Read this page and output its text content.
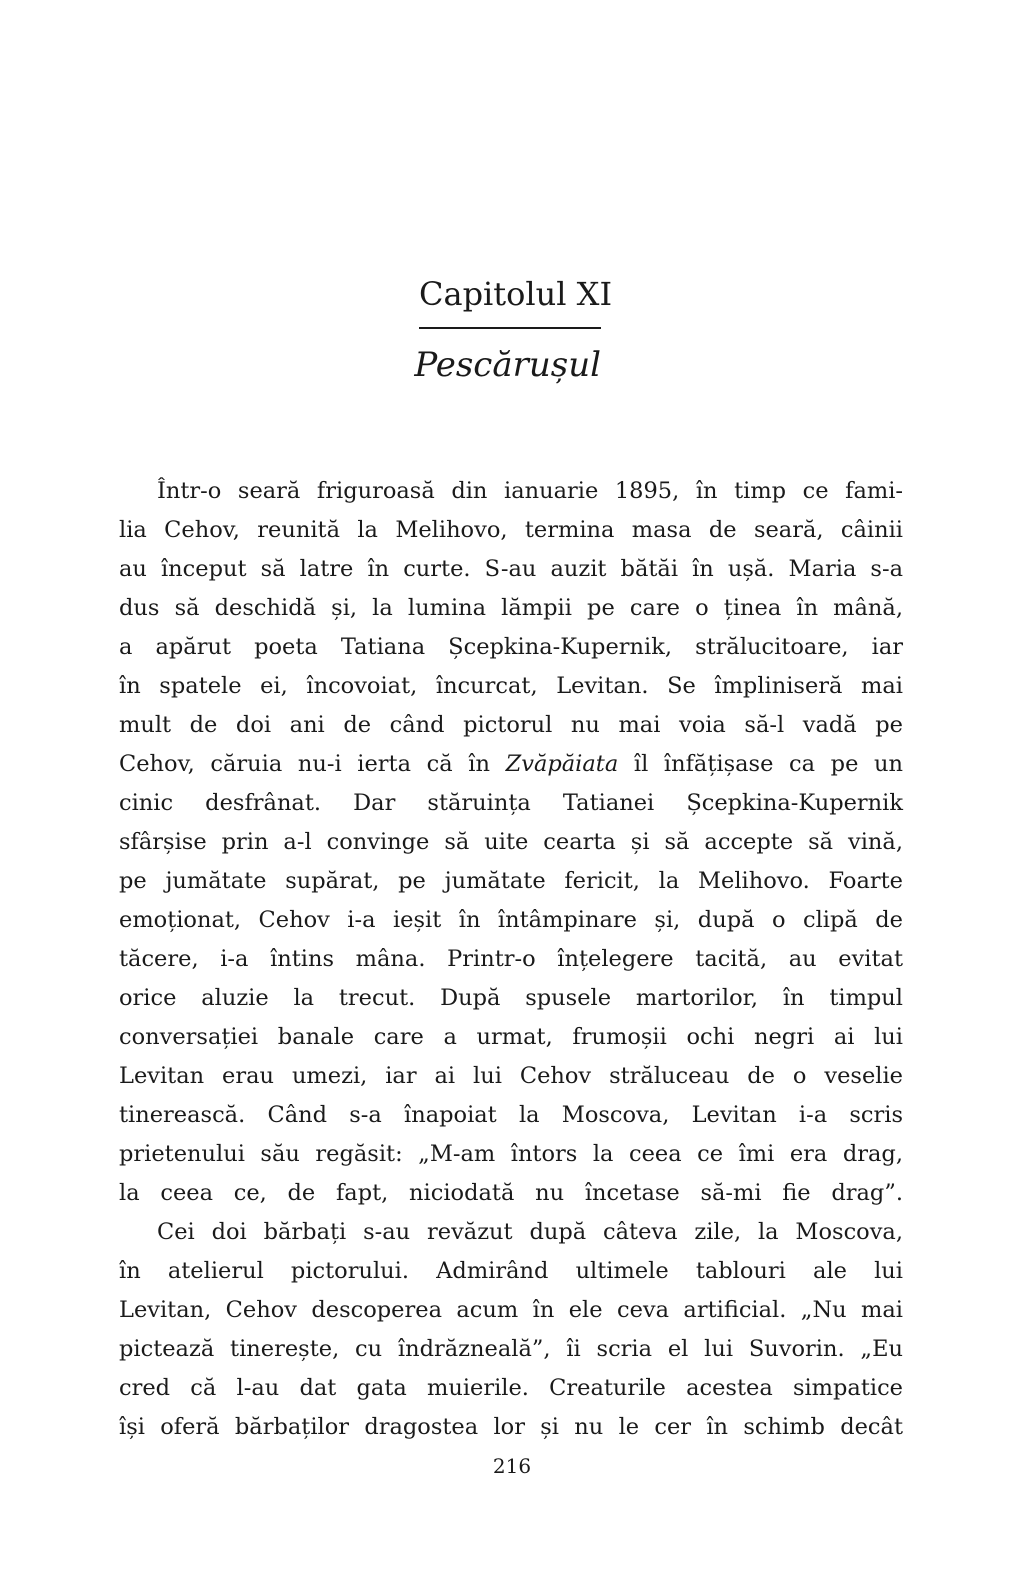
Capitolul XI
Pescărușul
Într-o seară friguroasă din ianuarie 1895, în timp ce fami-
lia Cehov, reunită la Melihovo, termina masa de seară, câinii
au început să latre în curte. S-au auzit bătăi în ușă. Maria s-a
dus să deschidă și, la lumina lămpii pe care o ținea în mână,
a apărut poeta Tatiana Șcepkina-Kupernik, strălucitoare, iar
în spatele ei, încovoiat, încurcat, Levitan. Se împliniseră mai
mult de doi ani de când pictorul nu mai voia să-l vadă pe
Cehov, căruia nu-i ierta că în Zvăpăiata îl înfățișase ca pe un
cinic desfrânat. Dar stăruința Tatianei Șcepkina-Kupernik
sfârșise prin a-l convinge să uite cearta și să accepte să vină,
pe jumătate supărat, pe jumătate fericit, la Melihovo. Foarte
emoționat, Cehov i-a ieșit în întâmpinare și, după o clipă de
tăcere, i-a întins mâna. Printr-o înțelegere tacită, au evitat
orice aluzie la trecut. După spusele martorilor, în timpul
conversației banale care a urmat, frumoșii ochi negri ai lui
Levitan erau umezi, iar ai lui Cehov străluceau de o veselie
tinerească. Când s-a înapoiat la Moscova, Levitan i-a scris
prietenului său regăsit: „M-am întors la ceea ce îmi era drag,
la ceea ce, de fapt, niciodată nu încetase să-mi fie drag”.
Cei doi bărbați s-au revăzut după câteva zile, la Moscova,
în atelierul pictorului. Admirând ultimele tablouri ale lui
Levitan, Cehov descoperea acum în ele ceva artificial. „Nu mai
pictează tinerește, cu îndrăzneală”, îi scria el lui Suvorin. „Eu
cred că l-au dat gata muierile. Creaturile acestea simpatice
își oferă bărbaților dragostea lor și nu le cer în schimb decât
216
